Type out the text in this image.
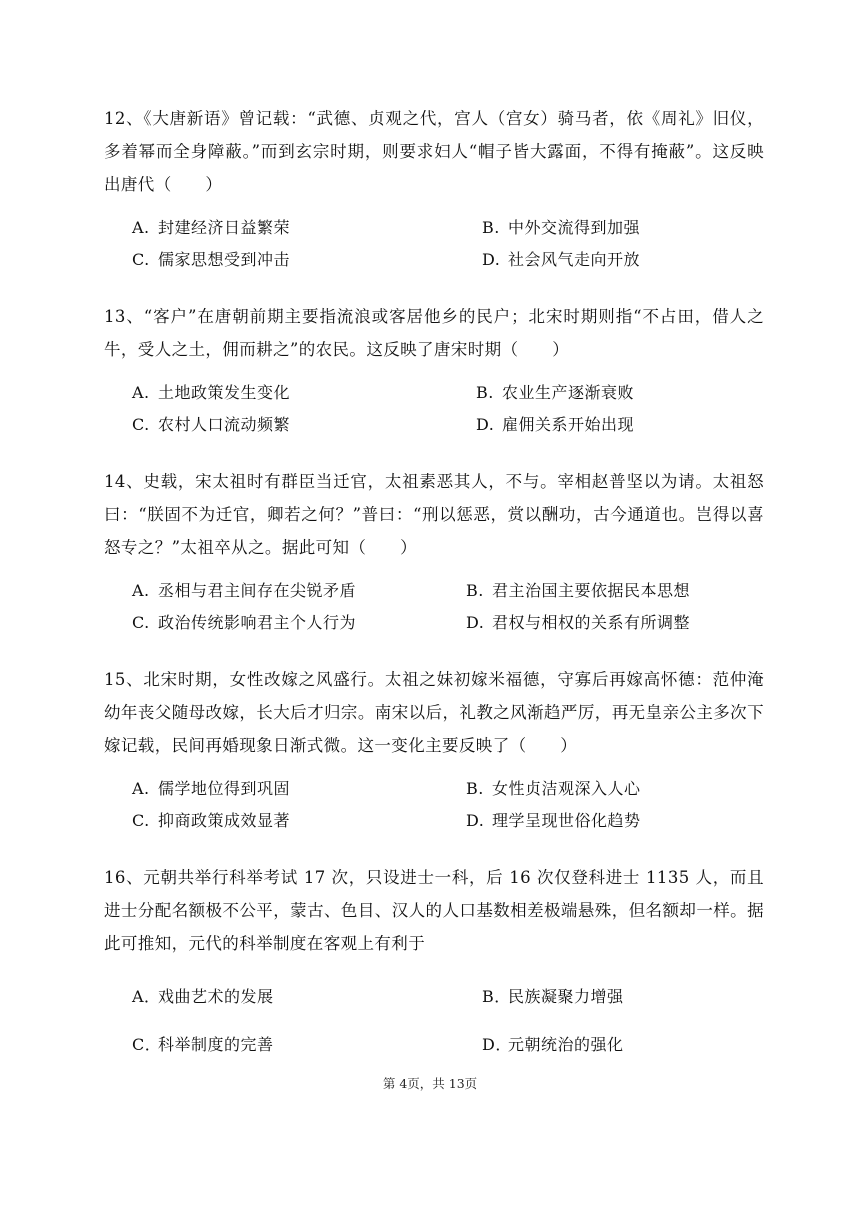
12、《大唐新语》曾记载：“武德、贞观之代，宫人（宫女）骑马者，依《周礼》旧仪，多着幂而全身障蔽。”而到玄宗时期，则要求妇人“帽子皆大露面，不得有掩蔽”。这反映出唐代（　　）

A. 封建经济日益繁荣	B. 中外交流得到加强
C. 儒家思想受到冲击	D. 社会风气走向开放

13、“客户”在唐朝前期主要指流浪或客居他乡的民户；北宋时期则指“不占田，借人之牛，受人之土，佣而耕之”的农民。这反映了唐宋时期（　　）

A. 土地政策发生变化	B. 农业生产逐渐衰败
C. 农村人口流动频繁	D. 雇佣关系开始出现

14、史载，宋太祖时有群臣当迁官，太祖素恶其人，不与。宰相赵普坚以为请。太祖怒曰：“朕固不为迁官，卿若之何？”普曰：“刑以惩恶，赏以酬功，古今通道也。岂得以喜怒专之？”太祖卒从之。据此可知（　　）

A. 丞相与君主间存在尖锐矛盾	B. 君主治国主要依据民本思想
C. 政治传统影响君主个人行为	D. 君权与相权的关系有所调整

15、北宋时期，女性改嫁之风盛行。太祖之妹初嫁米福德，守寡后再嫁高怀德：范仲淹幼年丧父随母改嫁，长大后才归宗。南宋以后，礼教之风渐趋严厉，再无皇亲公主多次下嫁记载，民间再婚现象日渐式微。这一变化主要反映了（　　）

A. 儒学地位得到巩固	B. 女性贞洁观深入人心
C. 抑商政策成效显著	D. 理学呈现世俗化趋势

16、元朝共举行科举考试 17 次，只设进士一科，后 16 次仅登科进士 1135 人，而且进士分配名额极不公平，蒙古、色目、汉人的人口基数相差极端悬殊，但名额却一样。据此可推知，元代的科举制度在客观上有利于

A．戏曲艺术的发展	B．民族凝聚力增强
C．科举制度的完善	D．元朝统治的强化
第 4页，共 13页
